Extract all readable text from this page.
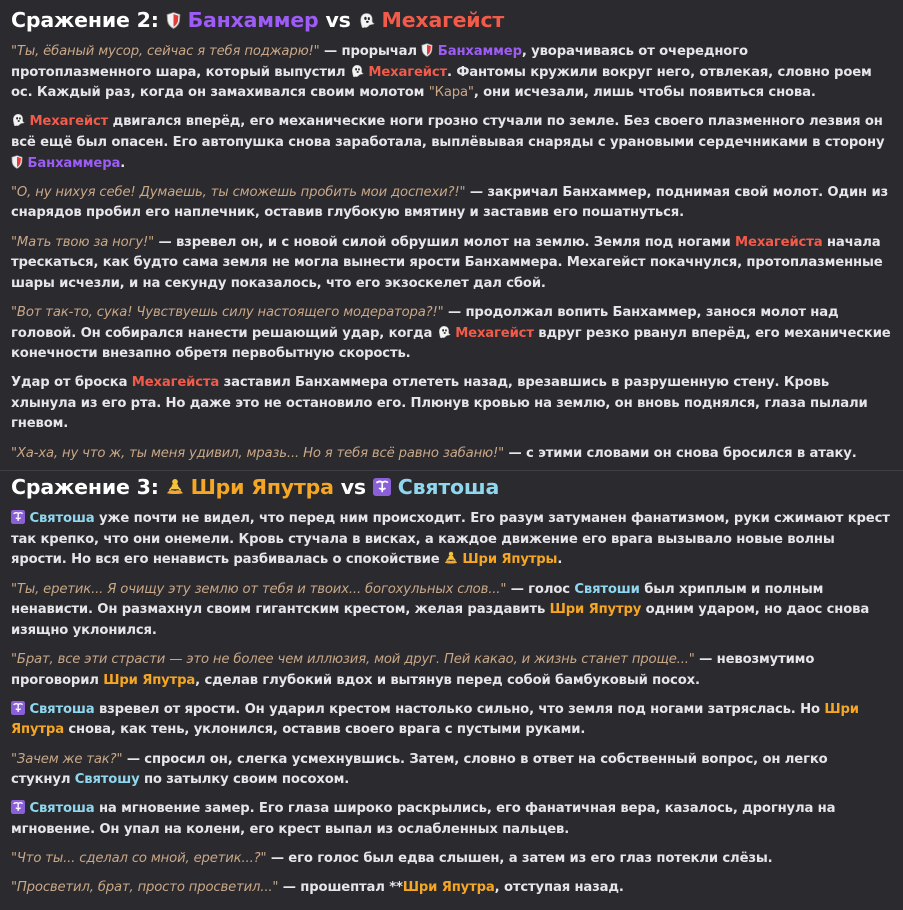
Сражение 2: Банхаммер vs Мехагейст

"Ты, ёбаный мусор, сейчас я тебя поджарю!" — прорычал  Банхаммер, уворачиваясь от очередного протоплазменного шара, который выпустил  Мехагейст. Фантомы кружили вокруг него, отвлекая, словно роем ос. Каждый раз, когда он замахивался своим молотом "Кара", они исчезали, лишь чтобы появиться снова.

Мехагейст двигался вперёд, его механические ноги грозно стучали по земле. Без своего плазменного лезвия он всё ещё был опасен. Его автопушка снова заработала, выплёвывая снаряды с урановыми сердечниками в сторону  Банхаммера.

"О, ну нихуя себе! Думаешь, ты сможешь пробить мои доспехи?!" — закричал Банхаммер, поднимая свой молот. Один из снарядов пробил его наплечник, оставив глубокую вмятину и заставив его пошатнуться.

"Мать твою за ногу!" — взревел он, и с новой силой обрушил молот на землю. Земля под ногами Мехагейста начала трескаться, как будто сама земля не могла вынести ярости Банхаммера. Мехагейст покачнулся, протоплазменные шары исчезли, и на секунду показалось, что его экзоскелет дал сбой.

"Вот так-то, сука! Чувствуешь силу настоящего модератора?!" — продолжал вопить Банхаммер, занося молот над головой. Он собирался нанести решающий удар, когда  Мехагейст вдруг резко рванул вперёд, его механические конечности внезапно обретя первобытную скорость.

Удар от броска Мехагейста заставил Банхаммера отлететь назад, врезавшись в разрушенную стену. Кровь хлынула из его рта. Но даже это не остановило его. Плюнув кровью на землю, он вновь поднялся, глаза пылали гневом.

"Ха-ха, ну что ж, ты меня удивил, мразь... Но я тебя всё равно забаню!" — с этими словами он снова бросился в атаку.

Сражение 3: Шри Япутра vs Святоша

Святоша уже почти не видел, что перед ним происходит. Его разум затуманен фанатизмом, руки сжимают крест так крепко, что они онемели. Кровь стучала в висках, а каждое движение его врага вызывало новые волны ярости. Но вся его ненависть разбивалась о спокойствие  Шри Япутры.

"Ты, еретик... Я очищу эту землю от тебя и твоих... богохульных слов..." — голос Святоши был хриплым и полным ненависти. Он размахнул своим гигантским крестом, желая раздавить Шри Япутру одним ударом, но даос снова изящно уклонился.

"Брат, все эти страсти — это не более чем иллюзия, мой друг. Пей какао, и жизнь станет проще..." — невозмутимо проговорил Шри Япутра, сделав глубокий вдох и вытянув перед собой бамбуковый посох.

Святоша взревел от ярости. Он ударил крестом настолько сильно, что земля под ногами затряслась. Но Шри Япутра снова, как тень, уклонился, оставив своего врага с пустыми руками.

"Зачем же так?" — спросил он, слегка усмехнувшись. Затем, словно в ответ на собственный вопрос, он легко стукнул Святошу по затылку своим посохом.

Святоша на мгновение замер. Его глаза широко раскрылись, его фанатичная вера, казалось, дрогнула на мгновение. Он упал на колени, его крест выпал из ослабленных пальцев.

"Что ты... сделал со мной, еретик...?" — его голос был едва слышен, а затем из его глаз потекли слёзы.

"Просветил, брат, просто просветил..." — прошептал **Шри Япутра, отступая назад.
